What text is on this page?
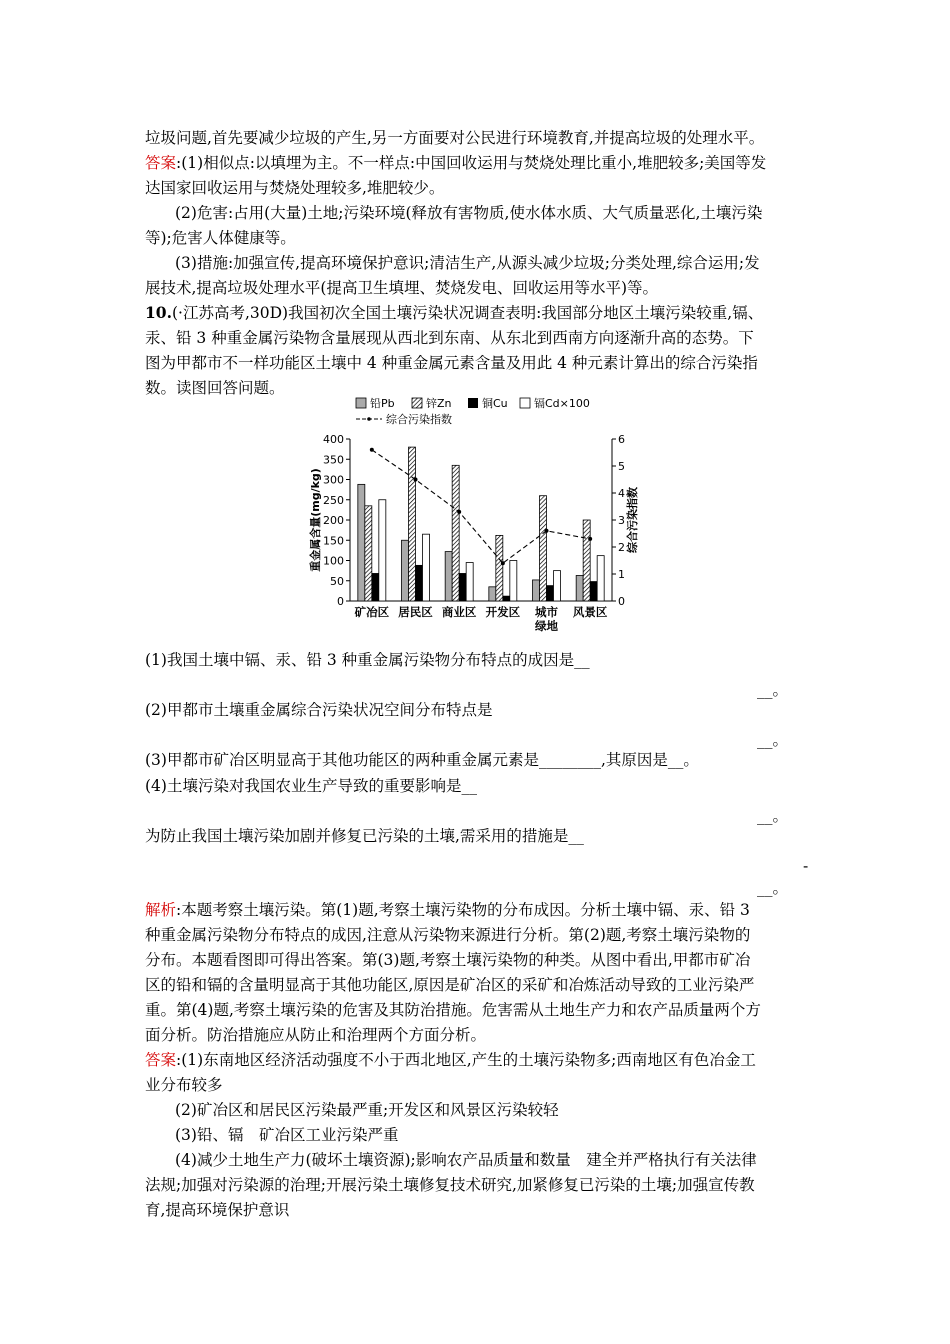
垃圾问题,首先要减少垃圾的产生,另一方面要对公民进行环境教育,并提高垃圾的处理水平。
答案:(1)相似点:以填埋为主。不一样点:中国回收运用与焚烧处理比重小,堆肥较多;美国等发
达国家回收运用与焚烧处理较多,堆肥较少。
(2)危害:占用(大量)土地;污染环境(释放有害物质,使水体水质、大气质量恶化,土壤污染
等);危害人体健康等。
(3)措施:加强宣传,提高环境保护意识;清洁生产,从源头减少垃圾;分类处理,综合运用;发
展技术,提高垃圾处理水平(提高卫生填埋、焚烧发电、回收运用等水平)等。
10.(·江苏高考,30D)我国初次全国土壤污染状况调查表明:我国部分地区土壤污染较重,镉、
汞、铅 3 种重金属污染物含量展现从西北到东南、从东北到西南方向逐渐升高的态势。下
图为甲都市不一样功能区土壤中 4 种重金属元素含量及用此 4 种元素计算出的综合污染指
数。读图回答问题。
铅Pb	锌Zn	铜Cu 镉Cd×100
综合污染指数
0
50
100
150
200
250
300
350
400
0
1
2
3
4
5
6
重金属含量(mg/kg)	综合污染指数
矿冶区 居民区 商业区 开发区 城市
绿地
风景区
(1)我国土壤中镉、汞、铅 3 种重金属污染物分布特点的成因是__
__。
(2)甲都市土壤重金属综合污染状况空间分布特点是
__。
(3)甲都市矿冶区明显高于其他功能区的两种重金属元素是________,其原因是__。
(4)土壤污染对我国农业生产导致的重要影响是__
__。
为防止我国土壤污染加剧并修复已污染的土壤,需采用的措施是__
-
__。
解析:本题考察土壤污染。第(1)题,考察土壤污染物的分布成因。分析土壤中镉、汞、铅 3
种重金属污染物分布特点的成因,注意从污染物来源进行分析。第(2)题,考察土壤污染物的
分布。本题看图即可得出答案。第(3)题,考察土壤污染物的种类。从图中看出,甲都市矿冶
区的铅和镉的含量明显高于其他功能区,原因是矿冶区的采矿和冶炼活动导致的工业污染严
重。第(4)题,考察土壤污染的危害及其防治措施。危害需从土地生产力和农产品质量两个方
面分析。防治措施应从防止和治理两个方面分析。
答案:(1)东南地区经济活动强度不小于西北地区,产生的土壤污染物多;西南地区有色冶金工
业分布较多
(2)矿冶区和居民区污染最严重;开发区和风景区污染较轻
(3)铅、镉　矿冶区工业污染严重
(4)减少土地生产力(破坏土壤资源);影响农产品质量和数量　建全并严格执行有关法律
法规;加强对污染源的治理;开展污染土壤修复技术研究,加紧修复已污染的土壤;加强宣传教
育,提高环境保护意识
